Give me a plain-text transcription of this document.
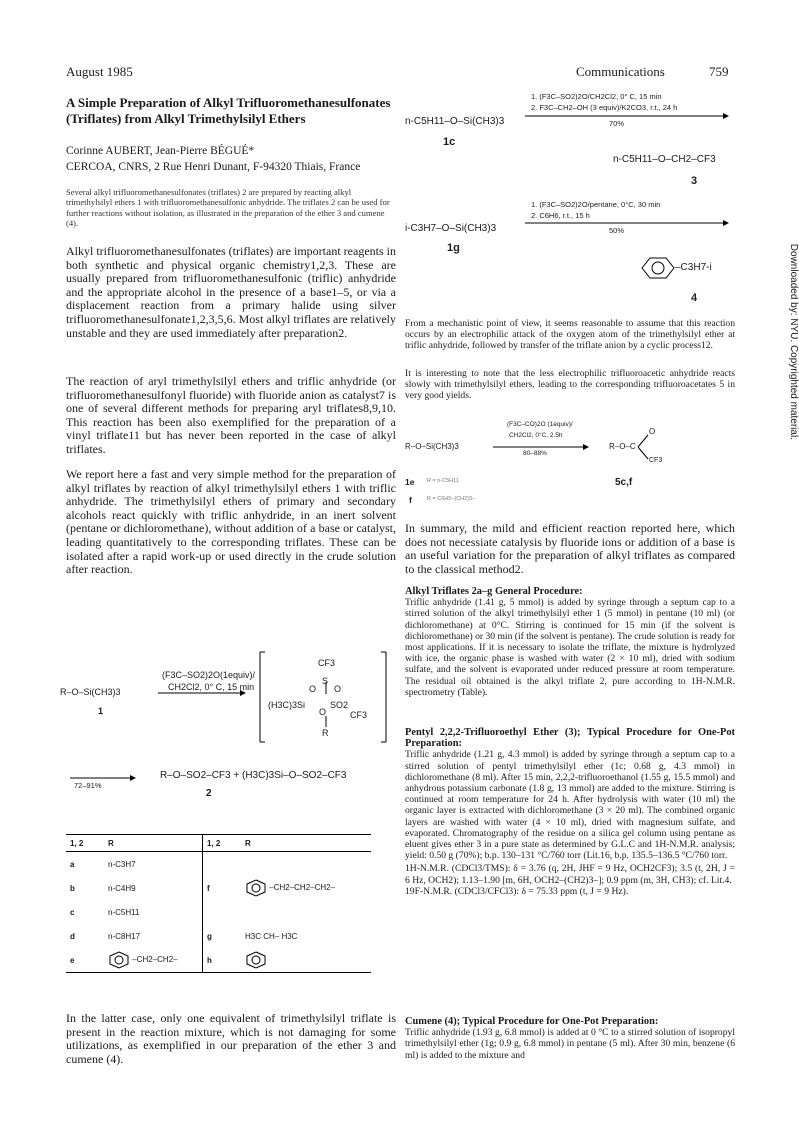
August 1985	Communications	759
A Simple Preparation of Alkyl Trifluoromethanesulfonates (Triflates) from Alkyl Trimethylsilyl Ethers
Corinne AUBERT, Jean-Pierre BÉGUÉ*
CERCOA, CNRS, 2 Rue Henri Dunant, F-94320 Thiais, France
Several alkyl trifluoromethanesulfonates (triflates) 2 are prepared by reacting alkyl trimethylsilyl ethers 1 with trifluoromethanesulfonic anhydride. The triflates 2 can be used for further reactions without isolation, as illustrated in the preparation of the ether 3 and cumene (4).
Alkyl trifluoromethanesulfonates (triflates) are important reagents in both synthetic and physical organic chemistry1,2,3. These are usually prepared from trifluoromethanesulfonic (triflic) anhydride and the appropriate alcohol in the presence of a base1–5, or via a displacement reaction from a primary halide using silver trifluoromethanesulfonate1,2,3,5,6. Most alkyl triflates are relatively unstable and they are used immediately after preparation2.
The reaction of aryl trimethylsilyl ethers and triflic anhydride (or trifluoromethanesulfonyl fluoride) with fluoride anion as catalyst7 is one of several different methods for preparing aryl triflates8,9,10. This reaction has been also exemplified for the preparation of a vinyl triflate11 but has never been reported in the case of alkyl triflates.
We report here a fast and very simple method for the preparation of alkyl triflates by reaction of alkyl trimethylsilyl ethers 1 with triflic anhydride. The trimethylsilyl ethers of primary and secondary alcohols react quickly with triflic anhydride, in an inert solvent (pentane or dichloromethane), without addition of a base or catalyst, leading quantitatively to the corresponding triflates. These can be isolated after a rapid work-up or used directly in the crude solution after reaction.
R–O–Si(CH3)3
1
(F3C–SO2)2O(1equiv)/
CH2Cl2, 0° C, 15 min
CF3
S
O O
(H3C)3Si
O
SO2
CF3
R
72–91%
R–O–SO2–CF3 + (H3C)3Si–O–SO2–CF3
2
1, 2	R	1, 2	R
a	n-C3H7		
b	n-C4H9	f	–CH2–CH2–CH2–
c	n-C5H11		
d	n-C8H17	g	H3C CH– H3C
e	–CH2–CH2–	h	
In the latter case, only one equivalent of trimethylsilyl triflate is present in the reaction mixture, which is not damaging for some utilizations, as exemplified in our preparation of the ether 3 and cumene (4).
n-C5H11–O–Si(CH3)3
1c
1. (F3C–SO2)2O/CH2Cl2, 0° C, 15 min
2. F3C–CH2–OH (3 equiv)/K2CO3, r.t., 24 h
70%
n-C5H11–O–CH2–CF3
3
i-C3H7–O–Si(CH3)3
1g
1. (F3C–SO2)2O/pentane, 0°C, 30 min
2. C6H6, r.t., 15 h
50%
–C3H7-i
4
From a mechanistic point of view, it seems reasonable to assume that this reaction occurs by an electrophilic attack of the oxygen atom of the trimethylsilyl ether at triflic anhydride, followed by transfer of the triflate anion by a cyclic process12.
It is interesting to note that the less electrophilic trifluoroacetic anhydride reacts slowly with trimethylsilyl ethers, leading to the corresponding trifluoroacetates 5 in very good yields.
R–O–Si(CH3)3
(F3C–CO)2O (1equiv)/
CH2Cl2, 0°C, 2.5h
80–88%
R–O–C
O
CF3
5c,f
1e R = n-C5H11
f	R = C6H5–(CH2)3–
In summary, the mild and efficient reaction reported here, which does not necessiate catalysis by fluoride ions or addition of a base is an useful variation for the preparation of alkyl triflates as compared to the classical method2.
Alkyl Triflates 2a–g General Procedure:
Triflic anhydride (1.41 g, 5 mmol) is added by syringe through a septum cap to a stirred solution of the alkyl trimethylsilyl ether 1 (5 mmol) in pentane (10 ml) (or dichloromethane) at 0°C. Stirring is continued for 15 min (if the solvent is dichloromethane) or 30 min (if the solvent is pentane). The crude solution is ready for most applications. If it is necessary to isolate the triflate, the mixture is hydrolyzed with ice, the organic phase is washed with water (2 × 10 ml), dried with sodium sulfate, and the solvent is evaporated under reduced pressure at room temperature. The residual oil obtained is the alkyl triflate 2, pure according to 1H-N.M.R. spectrometry (Table).
Pentyl 2,2,2-Trifluoroethyl Ether (3); Typical Procedure for One-Pot Preparation:
Triflic anhydride (1.21 g, 4.3 mmol) is added by syringe through a septum cap to a stirred solution of pentyl trimethylsilyl ether (1c; 0.68 g, 4.3 mmol) in dichloromethane (8 ml). After 15 min, 2,2,2-trifluoroethanol (1.55 g, 15.5 mmol) and anhydrous potassium carbonate (1.8 g, 13 mmol) are added to the mixture. Stirring is continued at room temperature for 24 h. After hydrolysis with water (10 ml) the organic layer is extracted with dichloromethane (3 × 20 ml). The combined organic layers are washed with water (4 × 10 ml), dried with magnesium sulfate, and evaporated. Chromatography of the residue on a silica gel column using pentane as eluent gives ether 3 in a pure state as determined by G.L.C and 1H-N.M.R. analysis; yield: 0.50 g (70%); b.p. 130–131 °C/760 torr (Lit.16, b.p. 135.5–136.5 °C/760 torr.
1H-N.M.R. (CDCl3/TMS): δ = 3.76 (q, 2H, JHF = 9 Hz, OCH2CF3); 3.5 (t, 2H, J = 6 Hz, OCH2); 1.13–1.90 [m, 6H, OCH2–(CH2)3–]; 0.9 ppm (m, 3H, CH3); cf. Lit.4.
19F-N.M.R. (CDCl3/CFCl3): δ = 75.33 ppm (t, J = 9 Hz).
Cumene (4); Typical Procedure for One-Pot Preparation:
Triflic anhydride (1.93 g, 6.8 mmol) is added at 0 °C to a stirred solution of isopropyl trimethylsilyl ether (1g; 0.9 g, 6.8 mmol) in pentane (5 ml). After 30 min, benzene (6 ml) is added to the mixture and
Downloaded by: NYU. Copyrighted material.
